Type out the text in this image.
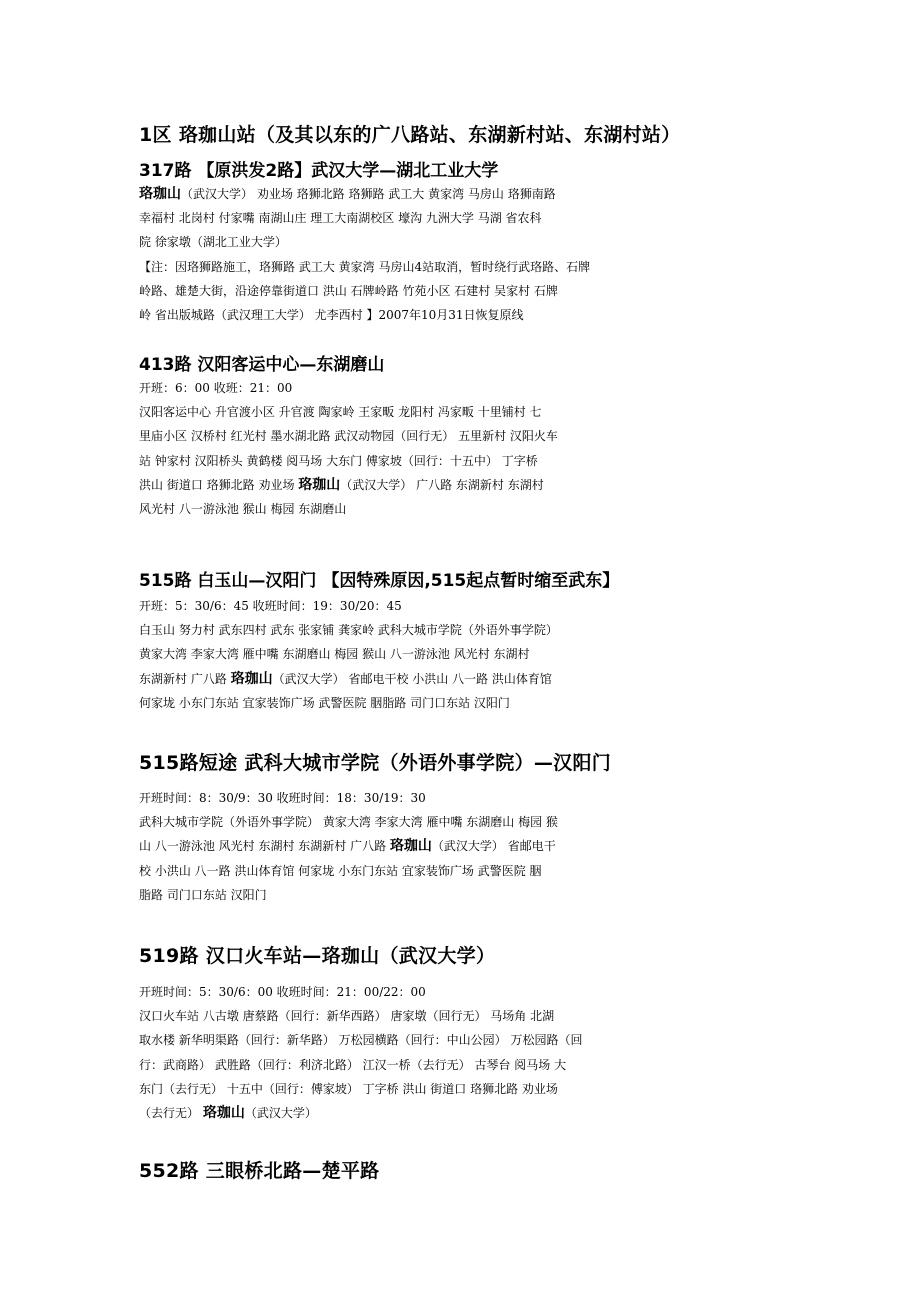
1区 珞珈山站（及其以东的广八路站、东湖新村站、东湖村站）
317路 【原洪发2路】武汉大学—湖北工业大学
珞珈山（武汉大学） 劝业场 珞狮北路 珞狮路 武工大 黄家湾 马房山 珞狮南路
幸福村 北岗村 付家嘴 南湖山庄 理工大南湖校区 壕沟 九洲大学 马湖 省农科
院 徐家墩（湖北工业大学）
【注：因珞狮路施工，珞狮路 武工大 黄家湾 马房山4站取消，暂时绕行武珞路、石牌
岭路、雄楚大街，沿途停靠街道口 洪山 石牌岭路 竹苑小区 石建村 吴家村 石牌
岭 省出版城路（武汉理工大学） 尤李西村 】2007年10月31日恢复原线
413路 汉阳客运中心—东湖磨山
开班：6：00 收班：21：00
汉阳客运中心 升官渡小区 升官渡 陶家岭 王家畈 龙阳村 冯家畈 十里铺村 七
里庙小区 汉桥村 红光村 墨水湖北路 武汉动物园（回行无） 五里新村 汉阳火车
站 钟家村 汉阳桥头 黄鹤楼 阅马场 大东门 傅家坡（回行：十五中） 丁字桥
洪山 街道口 珞狮北路 劝业场 珞珈山（武汉大学） 广八路 东湖新村 东湖村
风光村 八一游泳池 猴山 梅园 东湖磨山
515路 白玉山—汉阳门 【因特殊原因,515起点暂时缩至武东】
开班：5：30/6：45 收班时间：19：30/20：45
白玉山 努力村 武东四村 武东 张家铺 龚家岭 武科大城市学院（外语外事学院）
黄家大湾 李家大湾 雁中嘴 东湖磨山 梅园 猴山 八一游泳池 风光村 东湖村
东湖新村 广八路 珞珈山（武汉大学） 省邮电干校 小洪山 八一路 洪山体育馆
何家垅 小东门东站 宜家装饰广场 武警医院 胭脂路 司门口东站 汉阳门
515路短途 武科大城市学院（外语外事学院）—汉阳门
开班时间：8：30/9：30 收班时间：18：30/19：30
武科大城市学院（外语外事学院） 黄家大湾 李家大湾 雁中嘴 东湖磨山 梅园 猴
山 八一游泳池 风光村 东湖村 东湖新村 广八路 珞珈山（武汉大学） 省邮电干
校 小洪山 八一路 洪山体育馆 何家垅 小东门东站 宜家装饰广场 武警医院 胭
脂路 司门口东站 汉阳门
519路 汉口火车站—珞珈山（武汉大学）
开班时间：5：30/6：00 收班时间：21：00/22：00
汉口火车站 八古墩 唐蔡路（回行：新华西路） 唐家墩（回行无） 马场角 北湖
取水楼 新华明渠路（回行：新华路） 万松园横路（回行：中山公园） 万松园路（回
行：武商路） 武胜路（回行：利济北路） 江汉一桥（去行无） 古琴台 阅马场 大
东门（去行无） 十五中（回行：傅家坡） 丁字桥 洪山 街道口 珞狮北路 劝业场
（去行无） 珞珈山（武汉大学）
552路 三眼桥北路—楚平路
